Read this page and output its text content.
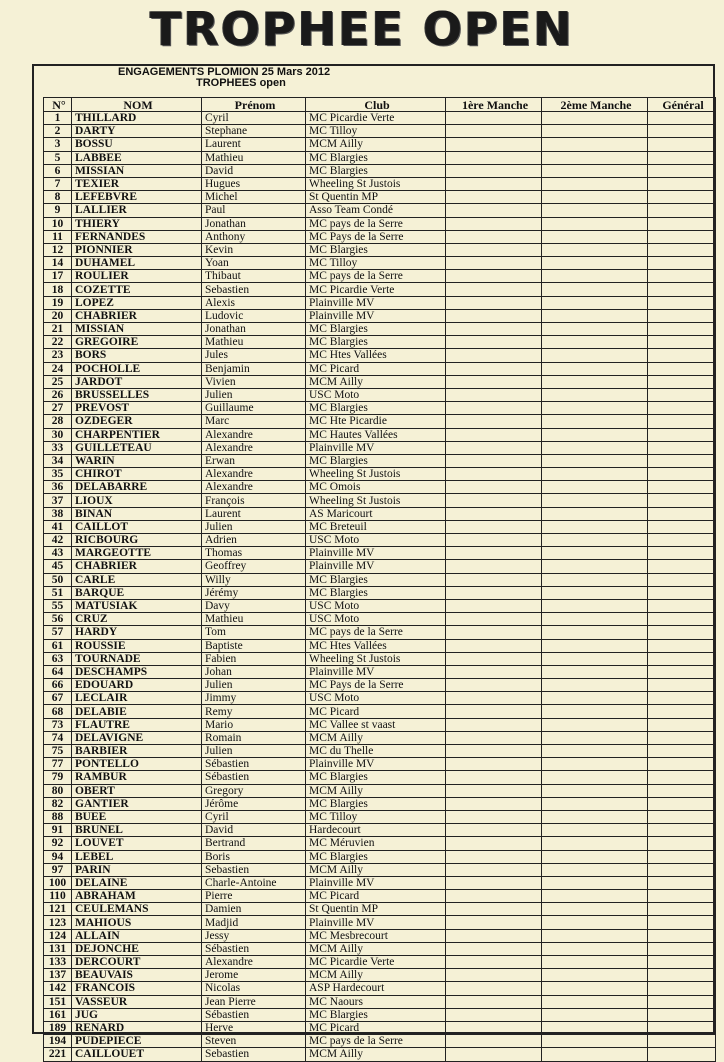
TROPHEE OPEN
ENGAGEMENTS PLOMION 25 Mars 2012
TROPHEES open
N°	NOM	Prénom	Club	1ère Manche	2ème Manche	Général
1	THILLARD	Cyril	MC Picardie Verte			
2	DARTY	Stephane	MC Tilloy			
3	BOSSU	Laurent	MCM Ailly			
5	LABBEE	Mathieu	MC Blargies			
6	MISSIAN	David	MC Blargies			
7	TEXIER	Hugues	Wheeling St Justois			
8	LEFEBVRE	Michel	St Quentin MP			
9	LALLIER	Paul	Asso Team Condé			
10	THIERY	Jonathan	MC pays de la Serre			
11	FERNANDES	Anthony	MC Pays de la Serre			
12	PIONNIER	Kevin	MC Blargies			
14	DUHAMEL	Yoan	MC Tilloy			
17	ROULIER	Thibaut	MC pays de la Serre			
18	COZETTE	Sebastien	MC Picardie Verte			
19	LOPEZ	Alexis	Plainville MV			
20	CHABRIER	Ludovic	Plainville MV			
21	MISSIAN	Jonathan	MC Blargies			
22	GREGOIRE	Mathieu	MC Blargies			
23	BORS	Jules	MC Htes Vallées			
24	POCHOLLE	Benjamin	MC Picard			
25	JARDOT	Vivien	MCM Ailly			
26	BRUSSELLES	Julien	USC Moto			
27	PREVOST	Guillaume	MC Blargies			
28	OZDEGER	Marc	MC Hte Picardie			
30	CHARPENTIER	Alexandre	MC Hautes Vallées			
33	GUILLETEAU	Alexandre	Plainville MV			
34	WARIN	Erwan	MC Blargies			
35	CHIROT	Alexandre	Wheeling St Justois			
36	DELABARRE	Alexandre	MC Omois			
37	LIOUX	François	Wheeling St Justois			
38	BINAN	Laurent	AS Maricourt			
41	CAILLOT	Julien	MC Breteuil			
42	RICBOURG	Adrien	USC Moto			
43	MARGEOTTE	Thomas	Plainville MV			
45	CHABRIER	Geoffrey	Plainville MV			
50	CARLE	Willy	MC Blargies			
51	BARQUE	Jérémy	MC Blargies			
55	MATUSIAK	Davy	USC Moto			
56	CRUZ	Mathieu	USC Moto			
57	HARDY	Tom	MC pays de la Serre			
61	ROUSSIE	Baptiste	MC Htes Vallées			
63	TOURNADE	Fabien	Wheeling St Justois			
64	DESCHAMPS	Johan	Plainville MV			
66	EDOUARD	Julien	MC Pays de la Serre			
67	LECLAIR	Jimmy	USC Moto			
68	DELABIE	Remy	MC Picard			
73	FLAUTRE	Mario	MC Vallee st vaast			
74	DELAVIGNE	Romain	MCM Ailly			
75	BARBIER	Julien	MC du Thelle			
77	PONTELLO	Sébastien	Plainville MV			
79	RAMBUR	Sébastien	MC Blargies			
80	OBERT	Gregory	MCM Ailly			
82	GANTIER	Jérôme	MC Blargies			
88	BUEE	Cyril	MC Tilloy			
91	BRUNEL	David	Hardecourt			
92	LOUVET	Bertrand	MC Méruvien			
94	LEBEL	Boris	MC Blargies			
97	PARIN	Sebastien	MCM Ailly			
100	DELAINE	Charle-Antoine	Plainville MV			
110	ABRAHAM	Pierre	MC Picard			
121	CEULEMANS	Damien	St Quentin MP			
123	MAHIOUS	Madjid	Plainville MV			
124	ALLAIN	Jessy	MC Mesbrecourt			
131	DEJONCHE	Sébastien	MCM Ailly			
133	DERCOURT	Alexandre	MC Picardie Verte			
137	BEAUVAIS	Jerome	MCM Ailly			
142	FRANCOIS	Nicolas	ASP Hardecourt			
151	VASSEUR	Jean Pierre	MC Naours			
161	JUG	Sébastien	MC Blargies			
189	RENARD	Herve	MC Picard			
194	PUDEPIECE	Steven	MC pays de la Serre			
221	CAILLOUET	Sebastien	MCM Ailly			
